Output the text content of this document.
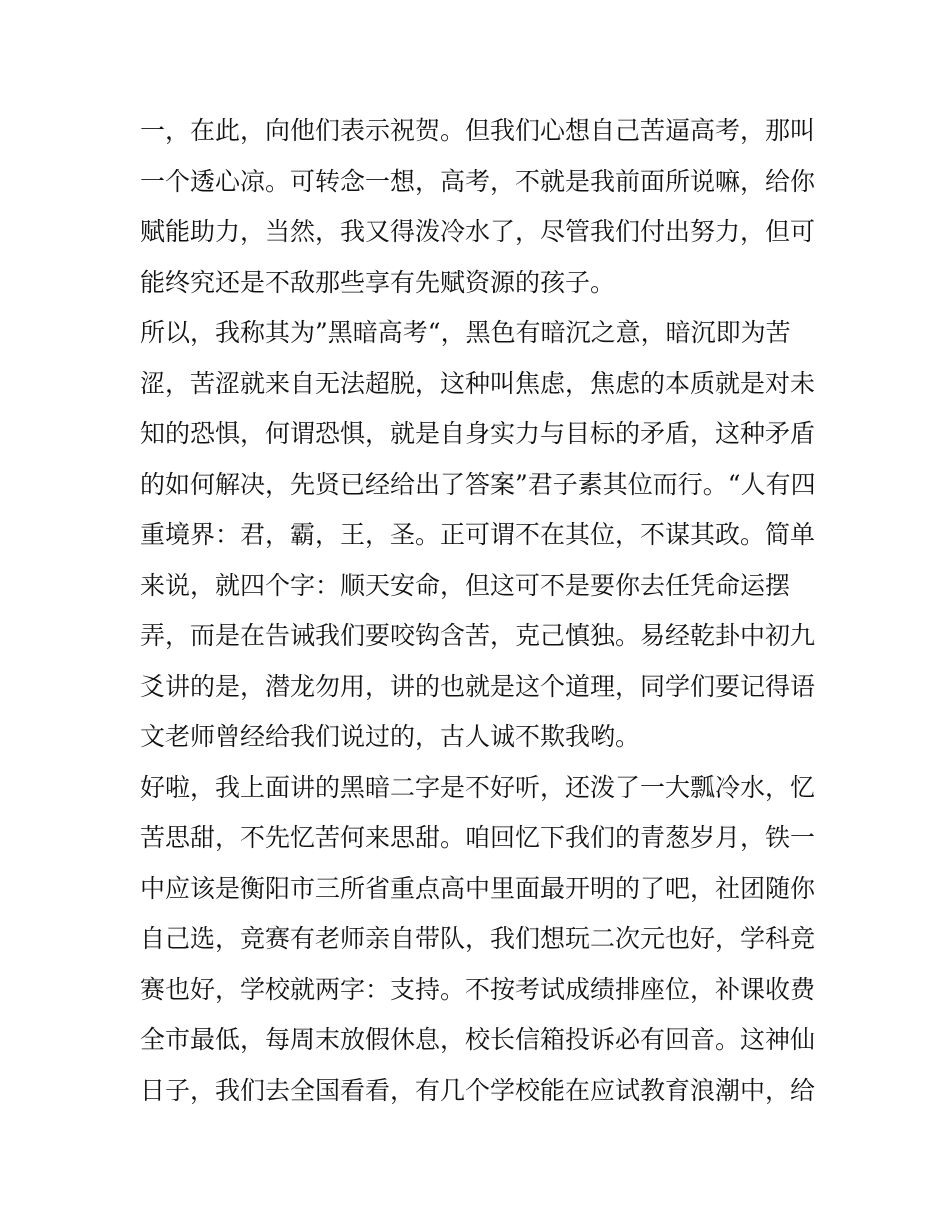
一，在此，向他们表示祝贺。但我们心想自己苦逼高考，那叫
一个透心凉。可转念一想，高考，不就是我前面所说嘛，给你
赋能助力，当然，我又得泼冷水了，尽管我们付出努力，但可
能终究还是不敌那些享有先赋资源的孩子。
所以，我称其为”黑暗高考“，黑色有暗沉之意，暗沉即为苦
涩，苦涩就来自无法超脱，这种叫焦虑，焦虑的本质就是对未
知的恐惧，何谓恐惧，就是自身实力与目标的矛盾，这种矛盾
的如何解决，先贤已经给出了答案”君子素其位而行。“人有四
重境界：君，霸，王，圣。正可谓不在其位，不谋其政。简单
来说，就四个字：顺天安命，但这可不是要你去任凭命运摆
弄，而是在告诫我们要咬钩含苦，克己慎独。易经乾卦中初九
爻讲的是，潜龙勿用，讲的也就是这个道理，同学们要记得语
文老师曾经给我们说过的，古人诚不欺我哟。
好啦，我上面讲的黑暗二字是不好听，还泼了一大瓢冷水，忆
苦思甜，不先忆苦何来思甜。咱回忆下我们的青葱岁月，铁一
中应该是衡阳市三所省重点高中里面最开明的了吧，社团随你
自己选，竞赛有老师亲自带队，我们想玩二次元也好，学科竞
赛也好，学校就两字：支持。不按考试成绩排座位，补课收费
全市最低，每周末放假休息，校长信箱投诉必有回音。这神仙
日子，我们去全国看看，有几个学校能在应试教育浪潮中，给
